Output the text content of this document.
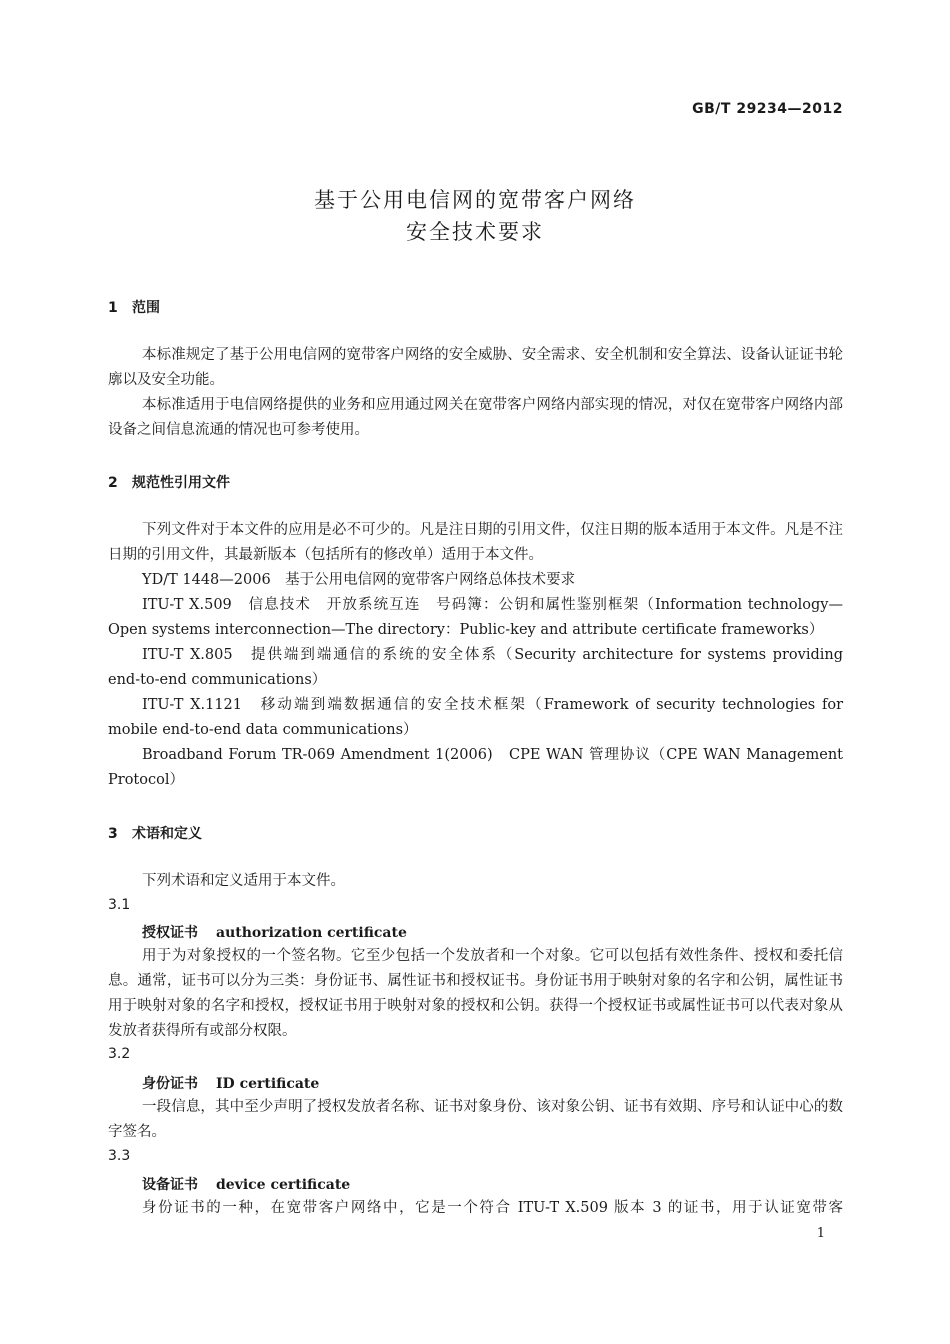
GB/T 29234—2012
基于公用电信网的宽带客户网络
安全技术要求
1 范围
本标准规定了基于公用电信网的宽带客户网络的安全威胁、安全需求、安全机制和安全算法、设备认证证书轮廓以及安全功能。
本标准适用于电信网络提供的业务和应用通过网关在宽带客户网络内部实现的情况，对仅在宽带客户网络内部设备之间信息流通的情况也可参考使用。
2 规范性引用文件
下列文件对于本文件的应用是必不可少的。凡是注日期的引用文件，仅注日期的版本适用于本文件。凡是不注日期的引用文件，其最新版本（包括所有的修改单）适用于本文件。
YD/T 1448—2006　基于公用电信网的宽带客户网络总体技术要求
ITU-T X.509　信息技术　开放系统互连　号码簿：公钥和属性鉴别框架（Information technology—
Open systems interconnection—The directory：Public-key and attribute certificate frameworks）
ITU-T X.805　提供端到端通信的系统的安全体系（Security architecture for systems providing
end-to-end communications）
ITU-T X.1121　移动端到端数据通信的安全技术框架（Framework of security technologies for
mobile end-to-end data communications）
Broadband Forum TR-069 Amendment 1(2006)　CPE WAN 管理协议（CPE WAN Management
Protocol）
3 术语和定义
下列术语和定义适用于本文件。
3.1
授权证书 authorization certificate
用于为对象授权的一个签名物。它至少包括一个发放者和一个对象。它可以包括有效性条件、授权和委托信息。通常，证书可以分为三类：身份证书、属性证书和授权证书。身份证书用于映射对象的名字和公钥，属性证书用于映射对象的名字和授权，授权证书用于映射对象的授权和公钥。获得一个授权证书或属性证书可以代表对象从发放者获得所有或部分权限。
3.2
身份证书 ID certificate
一段信息，其中至少声明了授权发放者名称、证书对象身份、该对象公钥、证书有效期、序号和认证中心的数字签名。
3.3
设备证书 device certificate
身份证书的一种，在宽带客户网络中，它是一个符合 ITU-T X.509 版本 3 的证书，用于认证宽带客
1
